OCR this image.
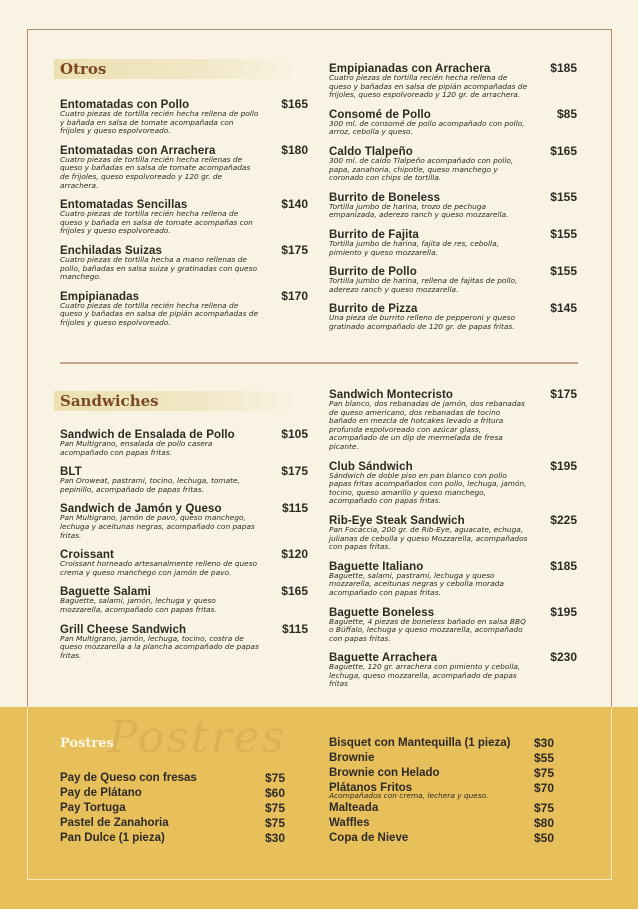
Otros
Entomatadas con Pollo	$165
Cuatro piezas de tortilla recién hecha rellena de pollo y bañada en salsa de tomate acompañada con frijoles y queso espolvoreado.
Entomatadas con Arrachera	$180
Cuatro piezas de tortilla recién hecha rellenas de queso y bañadas en salsa de tomate acompañadas de frijoles, queso espolvoreado y 120 gr. de arrachera.
Entomatadas Sencillas	$140
Cuatro piezas de tortilla recién hecha rellena de queso y bañada en salsa de tomate acompañas con frijoles y queso espolvoreado.
Enchiladas Suizas	$175
Cuatro piezas de tortilla hecha a mano rellenas de pollo, bañadas en salsa suiza y gratinadas con queso manchego.
Empipianadas	$170
Cuatro piezas de tortilla recién hecha rellena de queso y bañadas en salsa de pipián acompañadas de frijoles y queso espolvoreado.
Empipianadas con Arrachera	$185
Cuatro piezas de tortilla recién hecha rellena de queso y bañadas en salsa de pipián acompañadas de frijoles, queso espolvoreado y 120 gr. de arrachera.
Consomé de Pollo	$85
300 ml. de consomé de pollo acompañado con pollo, arroz, cebolla y queso.
Caldo Tlalpeño	$165
300 ml. de caldo Tlalpeño acompañado con pollo, papa, zanahoria, chipotle, queso manchego y coronado con chips de tortilla.
Burrito de Boneless	$155
Tortilla jumbo de harina, trozo de pechuga empanizada, aderezo ranch y queso mozzarella.
Burrito de Fajita	$155
Tortilla jumbo de harina, fajita de res, cebolla, pimiento y queso mozzarella.
Burrito de Pollo	$155
Tortilla jumbo de harina, rellena de fajitas de pollo, aderezo ranch y queso mozzarella.
Burrito de Pizza	$145
Una pieza de burrito relleno de pepperoni y queso gratinado acompañado de 120 gr. de papas fritas.
Sandwiches
Sandwich de Ensalada de Pollo	$105
Pan Multigrano, ensalada de pollo casera acompañado con papas fritas.
BLT	$175
Pan Oroweat, pastrami, tocino, lechuga, tomate, pepinillo, acompañado de papas fritas.
Sandwich de Jamón y Queso	$115
Pan Multigrano, jamón de pavo, queso manchego, lechuga y aceitunas negras, acompañado con papas fritas.
Croissant	$120
Croissant horneado artesanalmente relleno de queso crema y queso manchego con jamón de pavo.
Baguette Salami	$165
Baguette, salami, jamón, lechuga y queso mozzarella, acompañado con papas fritas.
Grill Cheese Sandwich	$115
Pan Multigrano, jamón, lechuga, tocino, costra de queso mozzarella a la plancha acompañado de papas fritas.
Sandwich Montecristo	$175
Pan blanco, dos rebanadas de jamón, dos rebanadas de queso americano, dos rebanadas de tocino bañado en mezcla de hotcakes levado a fritura profunda espolvoreado con azúcar glass, acompañado de un dip de mermelada de fresa picante.
Club Sándwich	$195
Sándwich de doble piso en pan blanco con pollo papas fritas acompañados con pollo, lechuga, jamón, tocino, queso amarillo y queso manchego, acompañado con papas fritas.
Rib-Eye Steak Sandwich	$225
Pan Focaccia, 200 gr. de Rib-Eye, aguacate, echuga, julianas de cebolla y queso Mozzarella, acompañados con papas fritas.
Baguette Italiano	$185
Baguette, salami, pastrami, lechuga y queso mozzarella, aceitunas negras y cebolla morada acompañado con papas fritas.
Baguette Boneless	$195
Baguette, 4 piezas de boneless bañado en salsa BBQ o Búffalo, lechuga y queso mozzarella, acompañado con papas fritas.
Baguette Arrachera	$230
Baguette, 120 gr. arrachera con pimiento y cebolla, lechuga, queso mozzarella, acompañado de papas fritas
Postres
Postres
Pay de Queso con fresas	$75
Pay de Plátano	$60
Pay Tortuga	$75
Pastel de Zanahoria	$75
Pan Dulce (1 pieza)	$30
Bisquet con Mantequilla (1 pieza) $30
Brownie	$55
Brownie con Helado	$75
Plátanos Fritos	$70
Acompañados con crema, lechera y queso.
Malteada	$75
Waffles	$80
Copa de Nieve	$50
